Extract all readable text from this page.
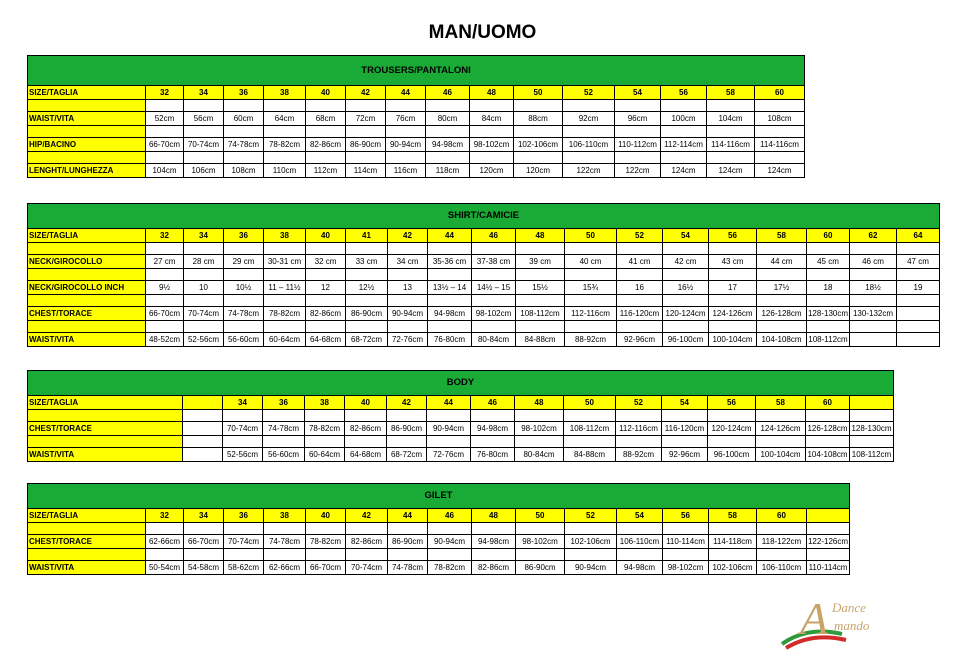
MAN/UOMO
TROUSERS/PANTALONI															
SIZE/TAGLIA	32	34	36	38	40	42	44	46	48	50	52	54	56	58	60

WAIST/VITA	52cm	56cm	60cm	64cm	68cm	72cm	76cm	80cm	84cm	88cm	92cm	96cm	100cm	104cm	108cm

HIP/BACINO	66-70cm	70-74cm	74-78cm	78-82cm	82-86cm	86-90cm	90-94cm	94-98cm	98-102cm	102-106cm	106-110cm	110-112cm	112-114cm	114-116cm	114-116cm

LENGHT/LUNGHEZZA	104cm	106cm	108cm	110cm	112cm	114cm	116cm	118cm	120cm	120cm	122cm	122cm	124cm	124cm	124cm
SHIRT/CAMICIE																		
SIZE/TAGLIA	32	34	36	38	40	41	42	44	46	48	50	52	54	56	58	60	62	64

NECK/GIROCOLLO	27 cm	28 cm	29 cm	30-31 cm	32 cm	33 cm	34 cm	35-36 cm	37-38 cm	39 cm	40 cm	41 cm	42 cm	43 cm	44 cm	45 cm	46 cm	47 cm

NECK/GIROCOLLO INCH	9½	10	10½	11 – 11½	12	12½	13	13½ – 14	14½ – 15	15½	15¾	16	16½	17	17½	18	18½	19

CHEST/TORACE	66-70cm	70-74cm	74-78cm	78-82cm	82-86cm	86-90cm	90-94cm	94-98cm	98-102cm	108-112cm	112-116cm	116-120cm	120-124cm	124-126cm	126-128cm	128-130cm	130-132cm	

WAIST/VITA	48-52cm	52-56cm	56-60cm	60-64cm	64-68cm	68-72cm	72-76cm	76-80cm	80-84cm	84-88cm	88-92cm	92-96cm	96-100cm	100-104cm	104-108cm	108-112cm		
BODY																
SIZE/TAGLIA		34	36	38	40	42	44	46	48	50	52	54	56	58	60	

CHEST/TORACE		70-74cm	74-78cm	78-82cm	82-86cm	86-90cm	90-94cm	94-98cm	98-102cm	108-112cm	112-116cm	116-120cm	120-124cm	124-126cm	126-128cm	128-130cm

WAIST/VITA		52-56cm	56-60cm	60-64cm	64-68cm	68-72cm	72-76cm	76-80cm	80-84cm	84-88cm	88-92cm	92-96cm	96-100cm	100-104cm	104-108cm	108-112cm
GILET																
SIZE/TAGLIA	32	34	36	38	40	42	44	46	48	50	52	54	56	58	60	

CHEST/TORACE	62-66cm	66-70cm	70-74cm	74-78cm	78-82cm	82-86cm	86-90cm	90-94cm	94-98cm	98-102cm	102-106cm	106-110cm	110-114cm	114-118cm	118-122cm	122-126cm

WAIST/VITA	50-54cm	54-58cm	58-62cm	62-66cm	66-70cm	70-74cm	74-78cm	78-82cm	82-86cm	86-90cm	90-94cm	94-98cm	98-102cm	102-106cm	106-110cm	110-114cm
A Dance
mando
